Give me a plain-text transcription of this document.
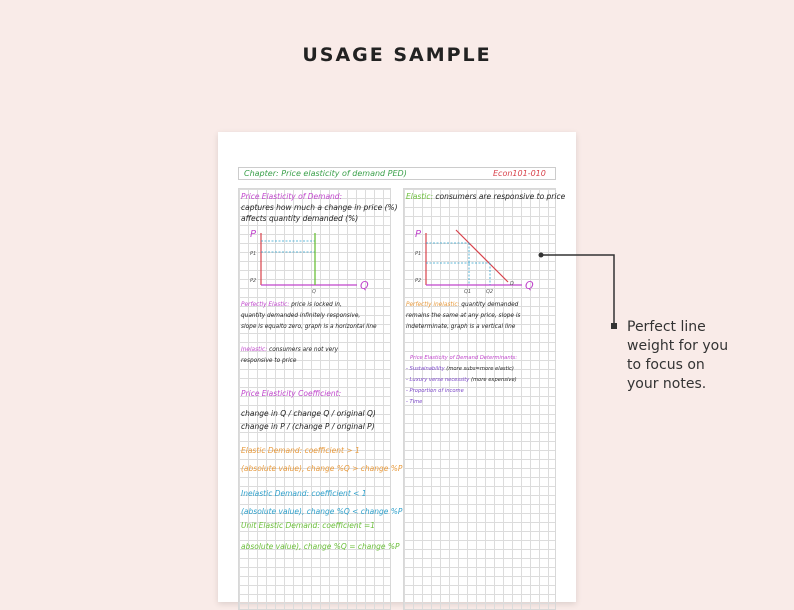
USAGE SAMPLE
Chapter: Price elasticity of demand PED)	Econ101-010
Price Elasticity of Demand:
captures how much a change in price (%)
affects quantity demanded (%)
P
P1
P2	Q
Q
Perfectly Elastic: price is locked in,
quantity demanded infinitely responsive,
slope is equalto zero, graph is a horizontal line
Inelastic: consumers are not very
responsive to price
Price Elasticity Coefficient:
change in Q / change Q / original Q)
change in P / (change P / original P)
Elastic Demand: coefficient > 1
(absolute value), change %Q > change %P
Inelastic Demand: coefficient < 1
(absolute value), change %Q < change %P
Unit Elastic Demand: coefficient =1
absolute value), change %Q = change %P
Elastic: consumers are responsive to price
P
P1
P2	Q
Q1	Q2
D
Perfectly inelastic: quantity demanded
remains the same at any price, slope is
indeterminate, graph is a vertical line
Price Elasticity of Demand Determinants:
- Sustainability (more subs=more elastic)
- Luxury verse necessity (more expensive)
- Proportion of income
- Time
Perfect line
weight for you
to focus on
your notes.
